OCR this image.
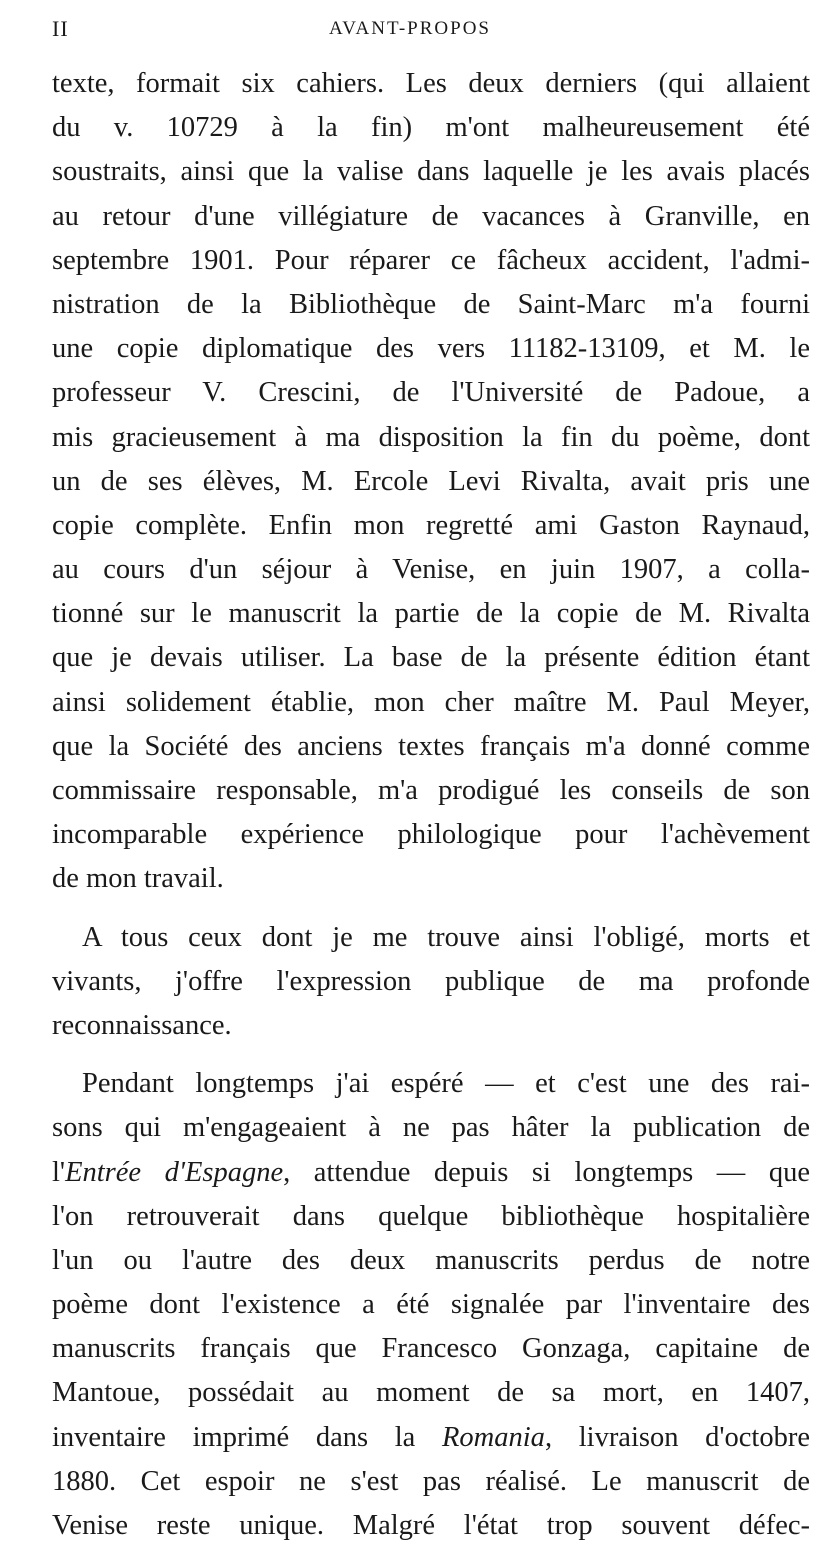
II	AVANT-PROPOS
texte, formait six cahiers. Les deux derniers (qui allaient
du v. 10729 à la fin) m'ont malheureusement été
soustraits, ainsi que la valise dans laquelle je les avais placés
au retour d'une villégiature de vacances à Granville, en
septembre 1901. Pour réparer ce fâcheux accident, l'admi-
nistration de la Bibliothèque de Saint-Marc m'a fourni
une copie diplomatique des vers 11182-13109, et M. le
professeur V. Crescini, de l'Université de Padoue, a
mis gracieusement à ma disposition la fin du poème, dont
un de ses élèves, M. Ercole Levi Rivalta, avait pris une
copie complète. Enfin mon regretté ami Gaston Raynaud,
au cours d'un séjour à Venise, en juin 1907, a colla-
tionné sur le manuscrit la partie de la copie de M. Rivalta
que je devais utiliser. La base de la présente édition étant
ainsi solidement établie, mon cher maître M. Paul Meyer,
que la Société des anciens textes français m'a donné comme
commissaire responsable, m'a prodigué les conseils de son
incomparable expérience philologique pour l'achèvement
de mon travail.
A tous ceux dont je me trouve ainsi l'obligé, morts et
vivants, j'offre l'expression publique de ma profonde
reconnaissance.
Pendant longtemps j'ai espéré — et c'est une des rai-
sons qui m'engageaient à ne pas hâter la publication de
l'Entrée d'Espagne, attendue depuis si longtemps — que
l'on retrouverait dans quelque bibliothèque hospitalière
l'un ou l'autre des deux manuscrits perdus de notre
poème dont l'existence a été signalée par l'inventaire des
manuscrits français que Francesco Gonzaga, capitaine de
Mantoue, possédait au moment de sa mort, en 1407,
inventaire imprimé dans la Romania, livraison d'octobre
1880. Cet espoir ne s'est pas réalisé. Le manuscrit de
Venise reste unique. Malgré l'état trop souvent défec-
